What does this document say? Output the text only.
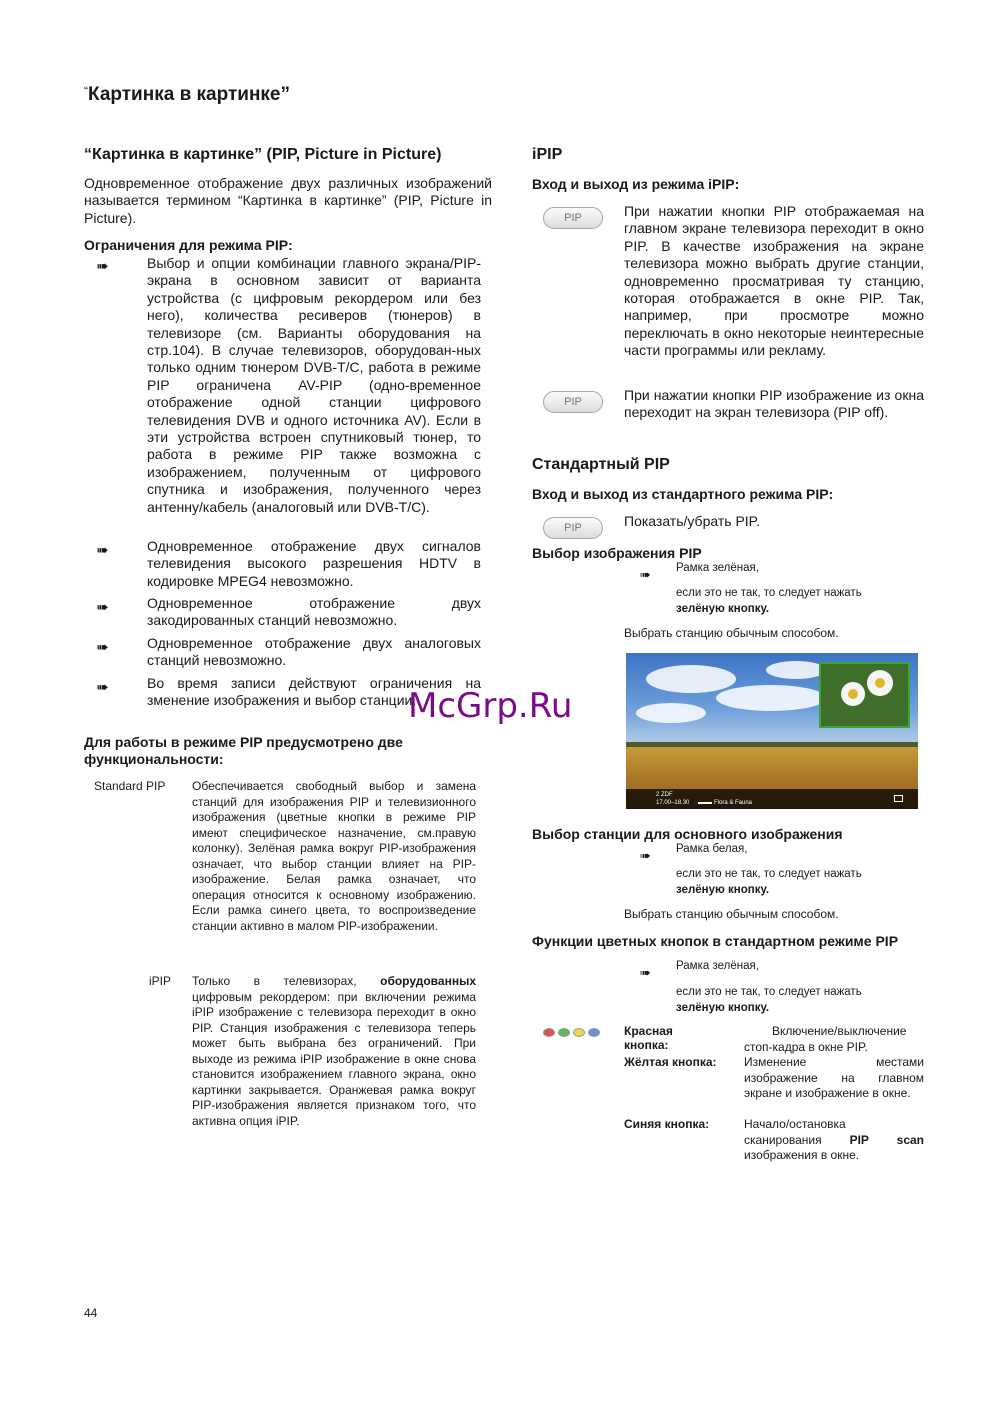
“Картинка в картинке”
“Картинка в картинке” (PIP, Picture in Picture)
Одновременное отображение двух различных изображений называется термином “Картинка в картинке” (PIP, Picture in Picture).
Ограничения для режима PIP:
➠	Выбор и опции комбинации главного экрана/PIP-экрана в основном зависит от варианта устройства (с цифровым рекордером или без него), количества ресиверов (тюнеров) в телевизоре (см. Варианты оборудования на стр.104). В случае телевизоров, оборудован-ных только одним тюнером DVB-T/C, работа в режиме PIP ограничена AV-PIP (одно-временное отображение одной станции цифрового телевидения DVB и одного источника AV). Если в эти устройства встроен спутниковый тюнер, то работа в режиме PIP также возможна с изображением, полученным от цифрового спутника и изображения, полученного через антенну/кабель (аналоговый или DVB-T/C).
➠	Одновременное отображение двух сигналов телевидения высокого разрешения HDTV в кодировке MPEG4 невозможно.
➠	Одновременное отображение двух закодированных станций невозможно.
➠	Одновременное отображение двух аналоговых станций невозможно.
➠	Во время записи действуют ограничения на змeнение изображения и выбор станции.
Для работы в режиме PIP предусмотрено две функциональности:
Standard PIP Обеспечивается свободный выбор и замена станций для изображения PIP и телевизионного изображения (цветные кнопки в режиме PIP имеют специфическое назначение, см.правую колонку). Зелёная рамка вокруг PIP-изображения означает, что выбор станции влияет на PIP-изображение. Белая рамка означает, что операция относится к основному изображению. Если рамка синего цвета, то воспроизведение станции активно в малом PIP-изображении.
iPIP Только в телевизорах, оборудованных цифровым рекордером: при включении режима iPIP изображение с телевизора переходит в окно PIP. Станция изображения с телевизора теперь может быть выбрана без ограничений. При выходе из режима iPIP изображение в окне снова становится изображением главного экрана, окно картинки закрывается. Оранжевая рамка вокруг PIP-изображения является признаком того, что активна опция iPIP.
44
iPIP
Вход и выход из режима iPIP:
PIP	При нажатии кнопки PIP отображаемая на главном экране телевизора переходит в окно PIP. В качестве изображения на экране телевизора можно выбрать другие станции, одновременно просматривая ту станцию, которая отображается в окне PIP. Так, например, при просмотре можно переключать в окно некоторые неинтересные части программы или рекламу.
PIP	При нажатии кнопки PIP изображение из окна переходит на экран телевизора (PIP off).
Стандартный PIP
Вход и выход из стандартного режима PIP:
PIP	Показать/убрать PIP.
Выбор изображения PIP
➠ Рамка зелёная,
если это не так, то следует нажать
зелёную кнопку.
Выбрать станцию обычным способом.
2 ZDF
17.00–18.30	Flora & Fauna
Выбор станции для основного изображения
➠ Рамка белая,
если это не так, то следует нажать
зелёную кнопку.
Выбрать станцию обычным способом.
Функции цветных кнопок в стандартном режиме PIP
➠ Рамка зелёная,
если это не так, то следует нажать
зелёную кнопку.

Красная кнопка:
Включение/выключение стоп-кадра в окне PIP.
Жёлтая кнопка: Изменение местами изображение на главном экране и изображение в окне.
Синяя кнопка:	Начало/остановка сканирования PIP scan изображения в окне.
McGrp.Ru
